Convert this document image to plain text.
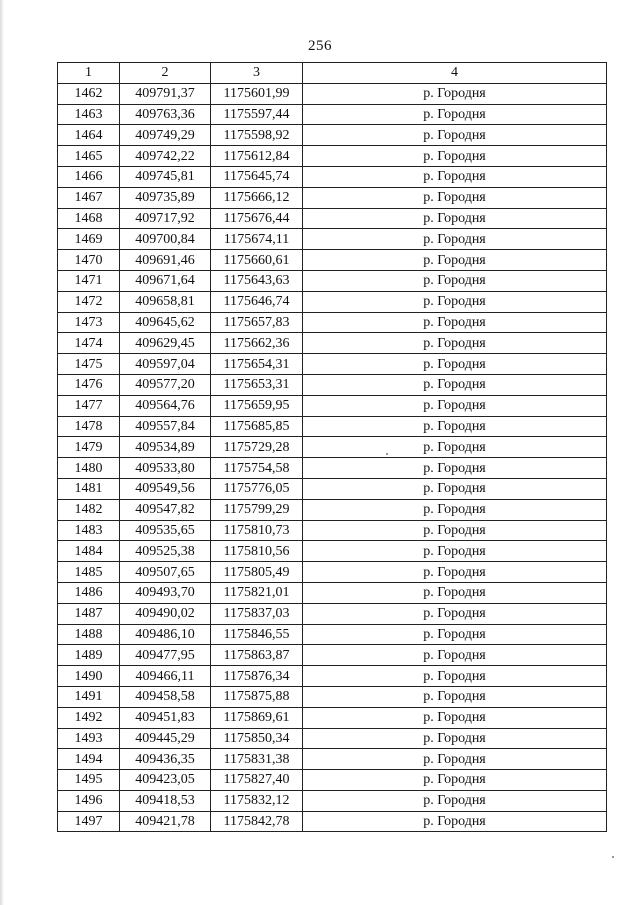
256
1	2	3	4
1462	409791,37	1175601,99	р. Городня
1463	409763,36	1175597,44	р. Городня
1464	409749,29	1175598,92	р. Городня
1465	409742,22	1175612,84	р. Городня
1466	409745,81	1175645,74	р. Городня
1467	409735,89	1175666,12	р. Городня
1468	409717,92	1175676,44	р. Городня
1469	409700,84	1175674,11	р. Городня
1470	409691,46	1175660,61	р. Городня
1471	409671,64	1175643,63	р. Городня
1472	409658,81	1175646,74	р. Городня
1473	409645,62	1175657,83	р. Городня
1474	409629,45	1175662,36	р. Городня
1475	409597,04	1175654,31	р. Городня
1476	409577,20	1175653,31	р. Городня
1477	409564,76	1175659,95	р. Городня
1478	409557,84	1175685,85	р. Городня
1479	409534,89	1175729,28	р. Городня
1480	409533,80	1175754,58	р. Городня
1481	409549,56	1175776,05	р. Городня
1482	409547,82	1175799,29	р. Городня
1483	409535,65	1175810,73	р. Городня
1484	409525,38	1175810,56	р. Городня
1485	409507,65	1175805,49	р. Городня
1486	409493,70	1175821,01	р. Городня
1487	409490,02	1175837,03	р. Городня
1488	409486,10	1175846,55	р. Городня
1489	409477,95	1175863,87	р. Городня
1490	409466,11	1175876,34	р. Городня
1491	409458,58	1175875,88	р. Городня
1492	409451,83	1175869,61	р. Городня
1493	409445,29	1175850,34	р. Городня
1494	409436,35	1175831,38	р. Городня
1495	409423,05	1175827,40	р. Городня
1496	409418,53	1175832,12	р. Городня
1497	409421,78	1175842,78	р. Городня
